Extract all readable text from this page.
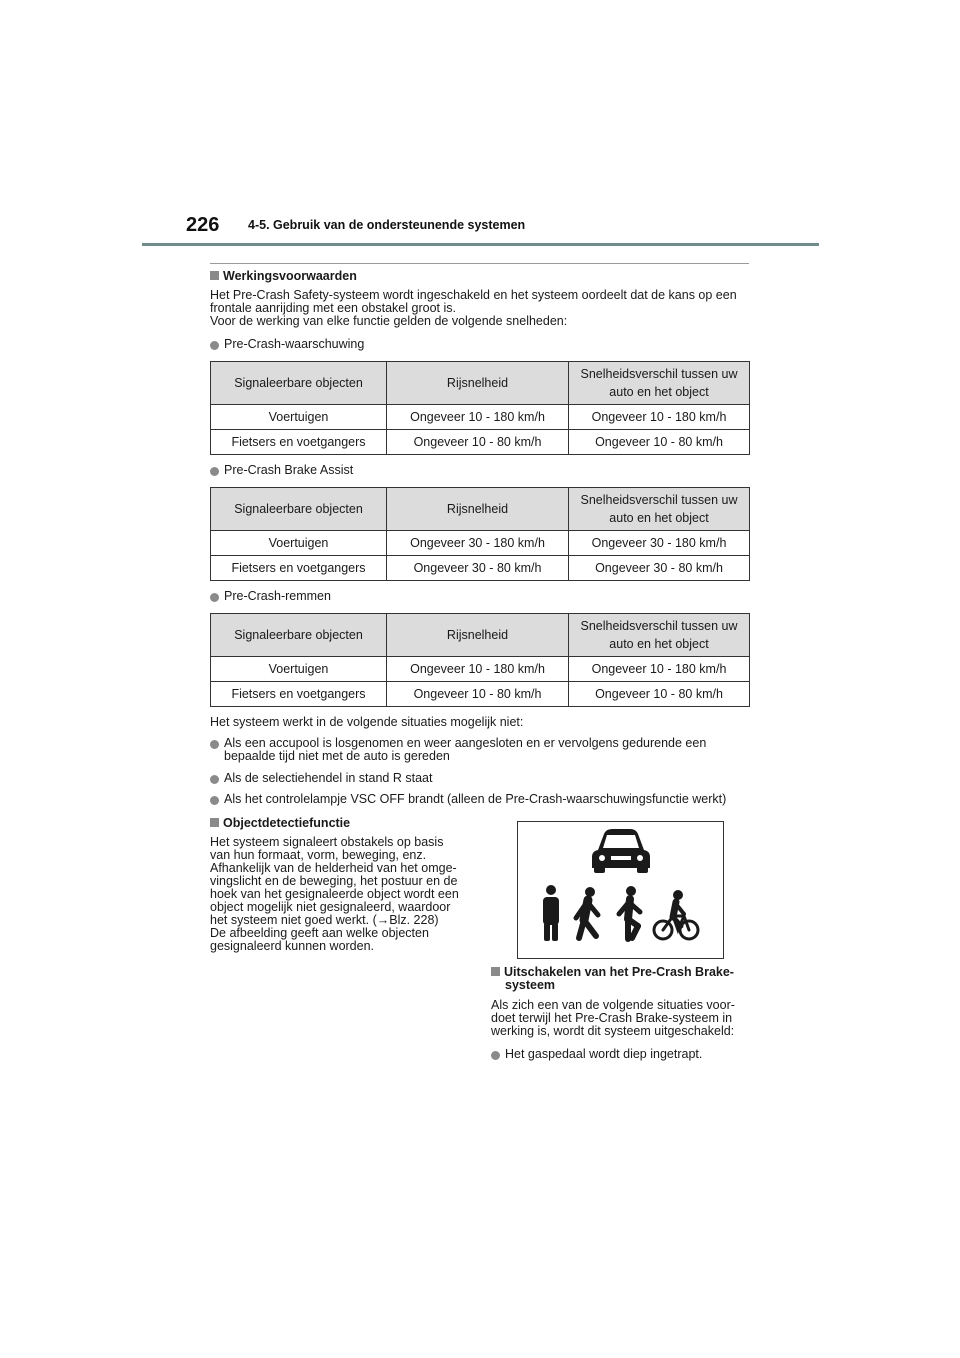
226 4-5. Gebruik van de ondersteunende systemen
Werkingsvoorwaarden
Het Pre-Crash Safety-systeem wordt ingeschakeld en het systeem oordeelt dat de kans op een
frontale aanrijding met een obstakel groot is.
Voor de werking van elke functie gelden de volgende snelheden:
Pre-Crash-waarschuwing
Signaleerbare objecten	Rijsnelheid	Snelheidsverschil tussen uw
auto en het object

Voertuigen	Ongeveer 10 - 180 km/h	Ongeveer 10 - 180 km/h
Fietsers en voetgangers	Ongeveer 10 - 80 km/h	Ongeveer 10 - 80 km/h
Pre-Crash Brake Assist
Signaleerbare objecten	Rijsnelheid	Snelheidsverschil tussen uw
auto en het object

Voertuigen	Ongeveer 30 - 180 km/h	Ongeveer 30 - 180 km/h
Fietsers en voetgangers	Ongeveer 30 - 80 km/h	Ongeveer 30 - 80 km/h
Pre-Crash-remmen
Signaleerbare objecten	Rijsnelheid	Snelheidsverschil tussen uw
auto en het object

Voertuigen	Ongeveer 10 - 180 km/h	Ongeveer 10 - 180 km/h
Fietsers en voetgangers	Ongeveer 10 - 80 km/h	Ongeveer 10 - 80 km/h
Het systeem werkt in de volgende situaties mogelijk niet:
Als een accupool is losgenomen en weer aangesloten en er vervolgens gedurende een
bepaalde tijd niet met de auto is gereden
Als de selectiehendel in stand R staat
Als het controlelampje VSC OFF brandt (alleen de Pre-Crash-waarschuwingsfunctie werkt)
Objectdetectiefunctie
Het systeem signaleert obstakels op basis
van hun formaat, vorm, beweging, enz.
Afhankelijk van de helderheid van het omge-
vingslicht en de beweging, het postuur en de
hoek van het gesignaleerde object wordt een
object mogelijk niet gesignaleerd, waardoor
het systeem niet goed werkt. (→Blz. 228)
De afbeelding geeft aan welke objecten
gesignaleerd kunnen worden.
Uitschakelen van het Pre-Crash Brake-
systeem
Als zich een van de volgende situaties voor-
doet terwijl het Pre-Crash Brake-systeem in
werking is, wordt dit systeem uitgeschakeld:
Het gaspedaal wordt diep ingetrapt.
